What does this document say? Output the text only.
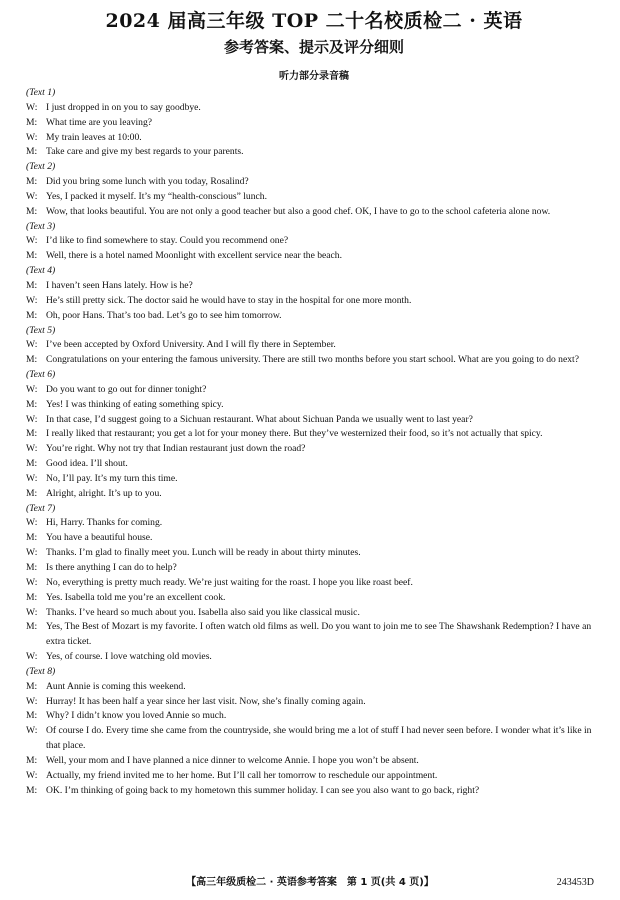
2024 届高三年级 TOP 二十名校质检二 · 英语
参考答案、提示及评分细则
听力部分录音稿
(Text 1)
W: I just dropped in on you to say goodbye.
M: What time are you leaving?
W: My train leaves at 10:00.
M: Take care and give my best regards to your parents.
(Text 2)
M: Did you bring some lunch with you today, Rosalind?
W: Yes, I packed it myself. It’s my “health-conscious” lunch.
M: Wow, that looks beautiful. You are not only a good teacher but also a good chef. OK, I have to go to the school cafeteria alone now.
(Text 3)
W: I’d like to find somewhere to stay. Could you recommend one?
M: Well, there is a hotel named Moonlight with excellent service near the beach.
(Text 4)
M: I haven’t seen Hans lately. How is he?
W: He’s still pretty sick. The doctor said he would have to stay in the hospital for one more month.
M: Oh, poor Hans. That’s too bad. Let’s go to see him tomorrow.
(Text 5)
W: I’ve been accepted by Oxford University. And I will fly there in September.
M: Congratulations on your entering the famous university. There are still two months before you start school. What are you going to do next?
(Text 6)
W: Do you want to go out for dinner tonight?
M: Yes! I was thinking of eating something spicy.
W: In that case, I’d suggest going to a Sichuan restaurant. What about Sichuan Panda we usually went to last year?
M: I really liked that restaurant; you get a lot for your money there. But they’ve westernized their food, so it’s not actually that spicy.
W: You’re right. Why not try that Indian restaurant just down the road?
M: Good idea. I’ll shout.
W: No, I’ll pay. It’s my turn this time.
M: Alright, alright. It’s up to you.
(Text 7)
W: Hi, Harry. Thanks for coming.
M: You have a beautiful house.
W: Thanks. I’m glad to finally meet you. Lunch will be ready in about thirty minutes.
M: Is there anything I can do to help?
W: No, everything is pretty much ready. We’re just waiting for the roast. I hope you like roast beef.
M: Yes. Isabella told me you’re an excellent cook.
W: Thanks. I’ve heard so much about you. Isabella also said you like classical music.
M: Yes, The Best of Mozart is my favorite. I often watch old films as well. Do you want to join me to see The Shawshank Redemption? I have an extra ticket.
W: Yes, of course. I love watching old movies.
(Text 8)
M: Aunt Annie is coming this weekend.
W: Hurray! It has been half a year since her last visit. Now, she’s finally coming again.
M: Why? I didn’t know you loved Annie so much.
W: Of course I do. Every time she came from the countryside, she would bring me a lot of stuff I had never seen before. I wonder what it’s like in that place.
M: Well, your mom and I have planned a nice dinner to welcome Annie. I hope you won’t be absent.
W: Actually, my friend invited me to her home. But I’ll call her tomorrow to reschedule our appointment.
M: OK. I’m thinking of going back to my hometown this summer holiday. I can see you also want to go back, right?
【高三年级质检二 · 英语参考答案　第 1 页(共 4 页)】	243453D
